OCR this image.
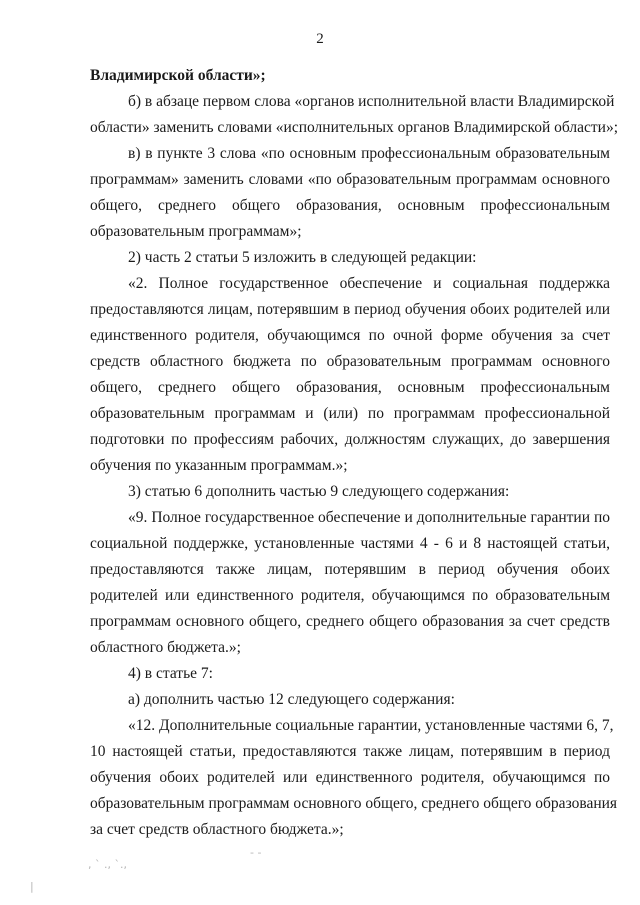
2

Владимирской области»;

б) в абзаце первом слова «органов исполнительной власти Владимирской
области» заменить словами «исполнительных органов Владимирской области»;

в) в пункте 3 слова «по основным профессиональным образовательным
программам» заменить словами «по образовательным программам основного
общего, среднего общего образования, основным профессиональным
образовательным программам»;

2) часть 2 статьи 5 изложить в следующей редакции:

«2. Полное государственное обеспечение и социальная поддержка
предоставляются лицам, потерявшим в период обучения обоих родителей или
единственного родителя, обучающимся по очной форме обучения за счет
средств областного бюджета по образовательным программам основного
общего, среднего общего образования, основным профессиональным
образовательным программам и (или) по программам профессиональной
подготовки по профессиям рабочих, должностям служащих, до завершения
обучения по указанным программам.»;

3) статью 6 дополнить частью 9 следующего содержания:

«9. Полное государственное обеспечение и дополнительные гарантии по
социальной поддержке, установленные частями 4 - 6 и 8 настоящей статьи,
предоставляются также лицам, потерявшим в период обучения обоих
родителей или единственного родителя, обучающимся по образовательным
программам основного общего, среднего общего образования за счет средств
областного бюджета.»;

4) в статье 7:

а) дополнить частью 12 следующего содержания:

«12. Дополнительные социальные гарантии, установленные частями 6, 7,
10 настоящей статьи, предоставляются также лицам, потерявшим в период
обучения обоих родителей или единственного родителя, обучающимся по
образовательным программам основного общего, среднего общего образования
за счет средств областного бюджета.»;

, ` ., `.,
|
- -
